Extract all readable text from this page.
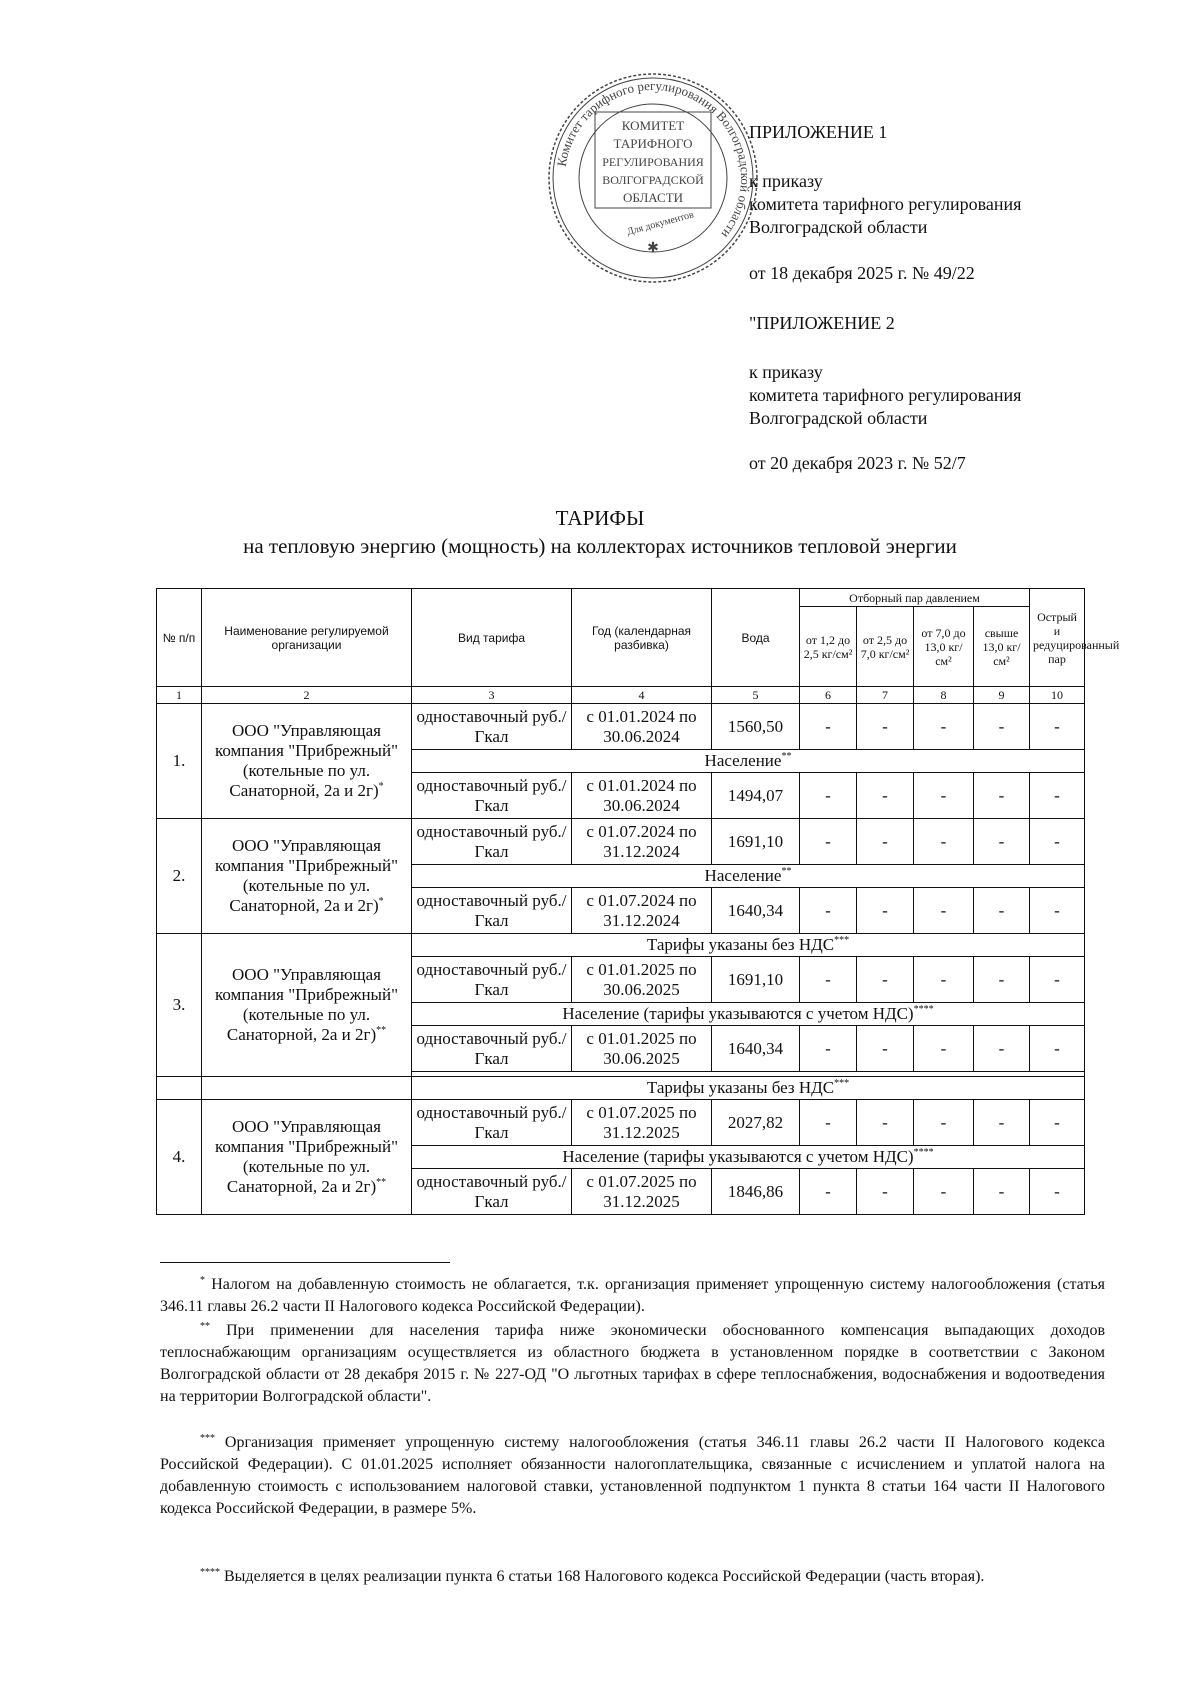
Комитет тарифного регулирования Волгоградской области
КОМИТЕТ
ТАРИФНОГО
РЕГУЛИРОВАНИЯ
ВОЛГОГРАДСКОЙ
ОБЛАСТИ
Для документов
✱
ПРИЛОЖЕНИЕ 1
к приказу
комитета тарифного регулирования
Волгоградской области
от 18 декабря 2025 г. № 49/22
"ПРИЛОЖЕНИЕ 2
к приказу
комитета тарифного регулирования
Волгоградской области
от 20 декабря 2023 г. № 52/7
ТАРИФЫ
на тепловую энергию (мощность) на коллекторах источников тепловой энергии
№ п/п	Наименование регулируемой организации	Вид тарифа	Год (календарная разбивка)	Вода	Отборный пар давлением				Острый и редуцированный пар
					от 1,2 до 2,5 кг/см²	от 2,5 до 7,0 кг/см²	от 7,0 до 13,0 кг/см²	свыше 13,0 кг/см²	
1	2	3	4	5	6	7	8	9	10
1.	ООО "Управляющая компания "Прибрежный" (котельные по ул. Санаторной, 2а и 2г)*	одноставочный руб./Гкал	с 01.01.2024 по 30.06.2024	1560,50	-	-	-	-	-
		Население**
		одноставочный руб./Гкал	с 01.01.2024 по 30.06.2024	1494,07	-	-	-	-	-
2.	ООО "Управляющая компания "Прибрежный" (котельные по ул. Санаторной, 2а и 2г)*	одноставочный руб./Гкал	с 01.07.2024 по 31.12.2024	1691,10	-	-	-	-	-
		Население**
		одноставочный руб./Гкал	с 01.07.2024 по 31.12.2024	1640,34	-	-	-	-	-
3.	ООО "Управляющая компания "Прибрежный" (котельные по ул. Санаторной, 2а и 2г)**	Тарифы указаны без НДС***
		одноставочный руб./Гкал	с 01.01.2025 по 30.06.2025	1691,10	-	-	-	-	-
		Население (тарифы указываются с учетом НДС)****
		одноставочный руб./Гкал	с 01.01.2025 по 30.06.2025	1640,34	-	-	-	-	-

		Тарифы указаны без НДС***
4.	ООО "Управляющая компания "Прибрежный" (котельные по ул. Санаторной, 2а и 2г)**	одноставочный руб./Гкал	с 01.07.2025 по 31.12.2025	2027,82	-	-	-	-	-
		Население (тарифы указываются с учетом НДС)****
		одноставочный руб./Гкал	с 01.07.2025 по 31.12.2025	1846,86	-	-	-	-	-
* Налогом на добавленную стоимость не облагается, т.к. организация применяет упрощенную систему налогообложения (статья 346.11 главы 26.2 части II Налогового кодекса Российской Федерации).
** При применении для населения тарифа ниже экономически обоснованного компенсация выпадающих доходов теплоснабжающим организациям осуществляется из областного бюджета в установленном порядке в соответствии с Законом Волгоградской области от 28 декабря 2015 г. № 227-ОД "О льготных тарифах в сфере теплоснабжения, водоснабжения и водоотведения на территории Волгоградской области".
*** Организация применяет упрощенную систему налогообложения (статья 346.11 главы 26.2 части II Налогового кодекса Российской Федерации). С 01.01.2025 исполняет обязанности налогоплательщика, связанные с исчислением и уплатой налога на добавленную стоимость с использованием налоговой ставки, установленной подпунктом 1 пункта 8 статьи 164 части II Налогового кодекса Российской Федерации, в размере 5%.
**** Выделяется в целях реализации пункта 6 статьи 168 Налогового кодекса Российской Федерации (часть вторая).
